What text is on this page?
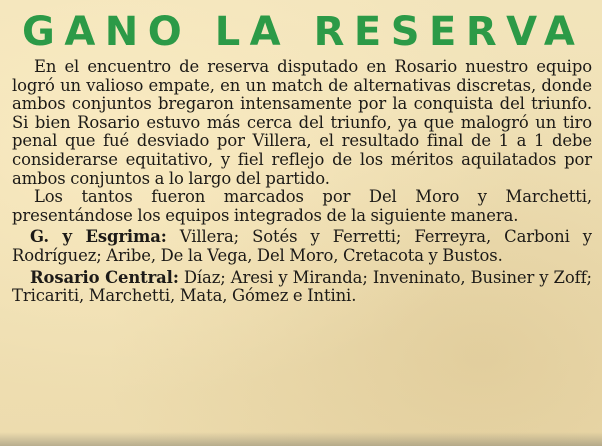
GANO LA RESERVA

En el encuentro de reserva disputado en Rosario nuestro equipo logró un valioso empate, en un match de alternativas discretas, donde ambos conjuntos bregaron intensamente por la conquista del triunfo. Si bien Rosario estuvo más cerca del triunfo, ya que malogró un tiro penal que fué desviado por Villera, el resultado final de 1 a 1 debe considerarse equitativo, y fiel reflejo de los méritos aquilatados por ambos conjuntos a lo largo del partido.

Los tantos fueron marcados por Del Moro y Marchetti, presentándose los equipos integrados de la siguiente manera.

G. y Esgrima: Villera; Sotés y Ferretti; Ferreyra, Carboni y Rodríguez; Aribe, De la Vega, Del Moro, Cretacota y Bustos.

Rosario Central: Díaz; Aresi y Miranda; Inveninato, Businer y Zoff; Tricariti, Marchetti, Mata, Gómez e Intini.
